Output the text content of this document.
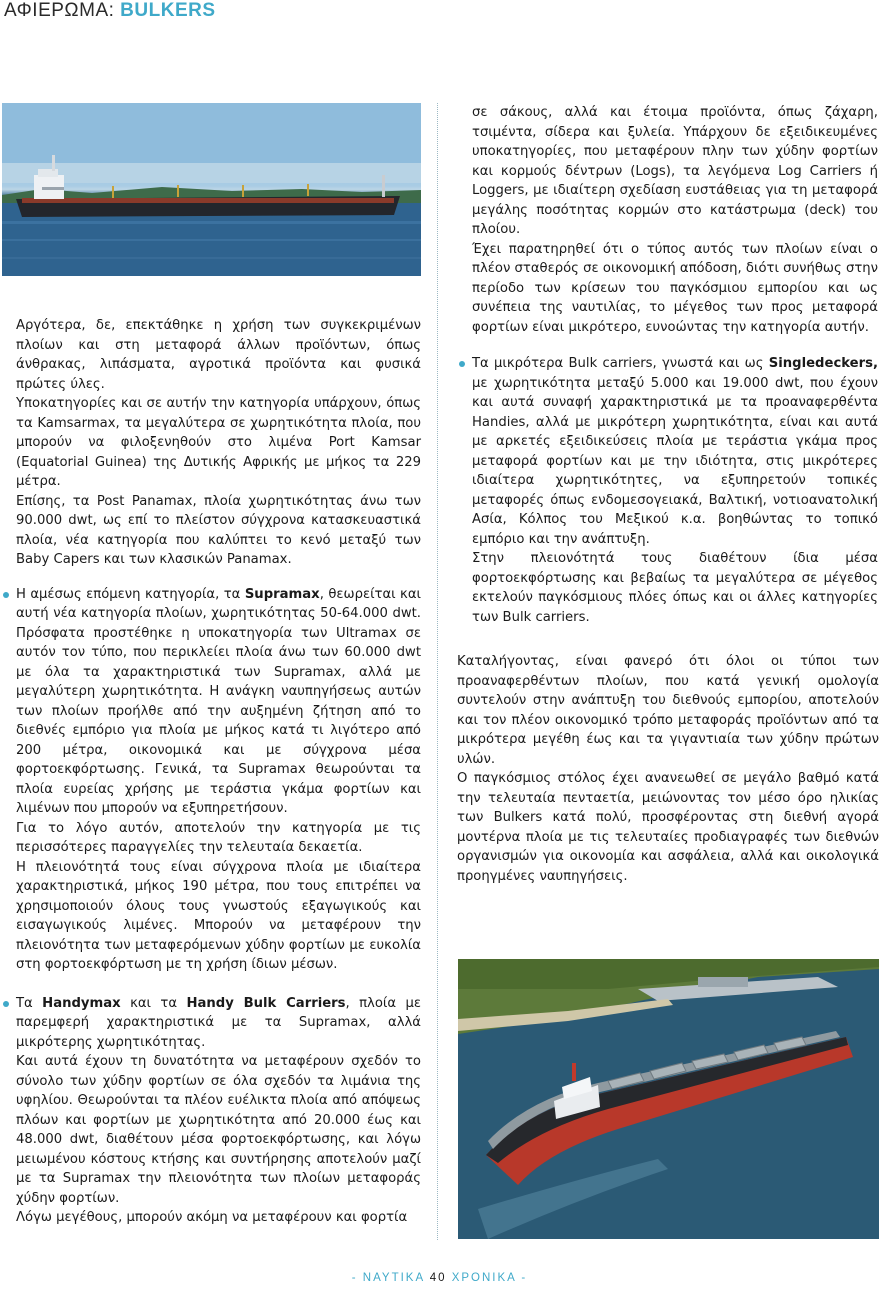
ΑΦΙΕΡΩΜΑ: BULKERS

Αργότερα, δε, επεκτάθηκε η χρήση των συγκεκριμένων πλοίων και στη μεταφορά άλλων προϊόντων, όπως άνθρακας, λιπάσματα, αγροτικά προϊόντα και φυσικά πρώτες ύλες.

Υποκατηγορίες και σε αυτήν την κατηγορία υπάρχουν, όπως τα Kamsarmax, τα μεγαλύτερα σε χωρητικότητα πλοία, που μπορούν να φιλοξενηθούν στο λιμένα Port Kamsar (Equatorial Guinea) της Δυτικής Αφρικής με μήκος τα 229 μέτρα.

Επίσης, τα Post Panamax, πλοία χωρητικότητας άνω των 90.000 dwt, ως επί το πλείστον σύγχρονα κατασκευαστικά πλοία, νέα κατηγορία που καλύπτει το κενό μεταξύ των Baby Capers και των κλασικών Panamax.

Η αμέσως επόμενη κατηγορία, τα Supramax, θεωρείται και αυτή νέα κατηγορία πλοίων, χωρητικότητας 50-64.000 dwt. Πρόσφατα προστέθηκε η υποκατηγορία των Ultramax σε αυτόν τον τύπο, που περικλείει πλοία άνω των 60.000 dwt με όλα τα χαρακτηριστικά των Supramax, αλλά με μεγαλύτερη χωρητικότητα. Η ανάγκη ναυπηγήσεως αυτών των πλοίων προήλθε από την αυξημένη ζήτηση από το διεθνές εμπόριο για πλοία με μήκος κατά τι λιγότερο από 200 μέτρα, οικονομικά και με σύγχρονα μέσα φορτοεκφόρτωσης. Γενικά, τα Supramax θεωρούνται τα πλοία ευρείας χρήσης με τεράστια γκάμα φορτίων και λιμένων που μπορούν να εξυπηρετήσουν.

Για το λόγο αυτόν, αποτελούν την κατηγορία με τις περισσότερες παραγγελίες την τελευταία δεκαετία.

Η πλειονότητά τους είναι σύγχρονα πλοία με ιδιαίτερα χαρακτηριστικά, μήκος 190 μέτρα, που τους επιτρέπει να χρησιμοποιούν όλους τους γνωστούς εξαγωγικούς και εισαγωγικούς λιμένες. Μπορούν να μεταφέρουν την πλειονότητα των μεταφερόμενων χύδην φορτίων με ευκολία στη φορτοεκφόρτωση με τη χρήση ίδιων μέσων.

Τα Handymax και τα Handy Bulk Carriers, πλοία με παρεμφερή χαρακτηριστικά με τα Supramax, αλλά μικρότερης χωρητικότητας.

Και αυτά έχουν τη δυνατότητα να μεταφέρουν σχεδόν το σύνολο των χύδην φορτίων σε όλα σχεδόν τα λιμάνια της υφηλίου. Θεωρούνται τα πλέον ευέλικτα πλοία από απόψεως πλόων και φορτίων με χωρητικότητα από 20.000 έως και 48.000 dwt, διαθέτουν μέσα φορτοεκφόρτωσης, και λόγω μειωμένου κόστους κτήσης και συντήρησης αποτελούν μαζί με τα Supramax την πλειονότητα των πλοίων μεταφοράς χύδην φορτίων.

Λόγω μεγέθους, μπορούν ακόμη να μεταφέρουν και φορτία

σε σάκους, αλλά και έτοιμα προϊόντα, όπως ζάχαρη, τσιμέντα, σίδερα και ξυλεία. Υπάρχουν δε εξειδικευμένες υποκατηγορίες, που μεταφέρουν πλην των χύδην φορτίων και κορμούς δέντρων (Logs), τα λεγόμενα Log Carriers ή Loggers, με ιδιαίτερη σχεδίαση ευστάθειας για τη μεταφορά μεγάλης ποσότητας κορμών στο κατάστρωμα (deck) του πλοίου.

Έχει παρατηρηθεί ότι ο τύπος αυτός των πλοίων είναι ο πλέον σταθερός σε οικονομική απόδοση, διότι συνήθως στην περίοδο των κρίσεων του παγκόσμιου εμπορίου και ως συνέπεια της ναυτιλίας, το μέγεθος των προς μεταφορά φορτίων είναι μικρότερο, ευνοώντας την κατηγορία αυτήν.

Τα μικρότερα Bulk carriers, γνωστά και ως Singledeckers, με χωρητικότητα μεταξύ 5.000 και 19.000 dwt, που έχουν και αυτά συναφή χαρακτηριστικά με τα προαναφερθέντα Handies, αλλά με μικρότερη χωρητικότητα, είναι και αυτά με αρκετές εξειδικεύσεις πλοία με τεράστια γκάμα προς μεταφορά φορτίων και με την ιδιότητα, στις μικρότερες ιδιαίτερα χωρητικότητες, να εξυπηρετούν τοπικές μεταφορές όπως ενδομεσογειακά, Βαλτική, νοτιοανατολική Ασία, Κόλπος του Μεξικού κ.α. βοηθώντας το τοπικό εμπόριο και την ανάπτυξη.

Στην πλειονότητά τους διαθέτουν ίδια μέσα φορτοεκφόρτωσης και βεβαίως τα μεγαλύτερα σε μέγεθος εκτελούν παγκόσμιους πλόες όπως και οι άλλες κατηγορίες των Bulk carriers.

Καταλήγοντας, είναι φανερό ότι όλοι οι τύποι των προαναφερθέντων πλοίων, που κατά γενική ομολογία συντελούν στην ανάπτυξη του διεθνούς εμπορίου, αποτελούν και τον πλέον οικονομικό τρόπο μεταφοράς προϊόντων από τα μικρότερα μεγέθη έως και τα γιγαντιαία των χύδην πρώτων υλών.

Ο παγκόσμιος στόλος έχει ανανεωθεί σε μεγάλο βαθμό κατά την τελευταία πενταετία, μειώνοντας τον μέσο όρο ηλικίας των Bulkers κατά πολύ, προσφέροντας στη διεθνή αγορά μοντέρνα πλοία με τις τελευταίες προδιαγραφές των διεθνών οργανισμών για οικονομία και ασφάλεια, αλλά και οικολογικά προηγμένες ναυπηγήσεις.

- ΝΑΥΤΙΚΑ 40 ΧΡΟΝΙΚΑ -
